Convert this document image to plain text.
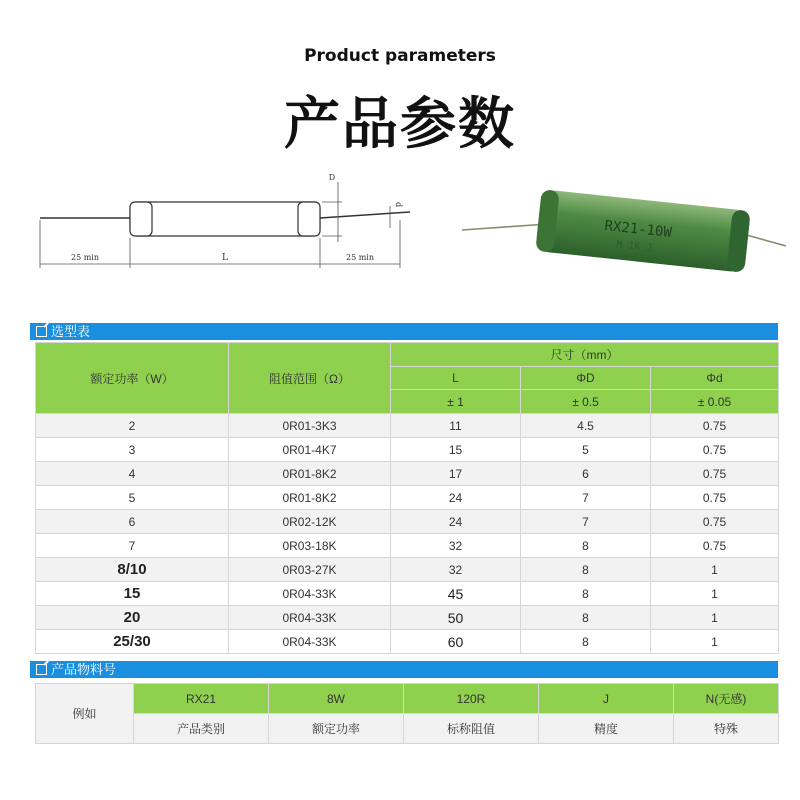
Product parameters
产品参数
25 min	L	25 min
D
d
RX21-10W
M 1K J
选型表
额定功率（W）	阻值范围（Ω）	尺寸（mm）		
		L	ΦD	Φd
		± 1	± 0.5	± 0.05
2	0R01-3K3	11	4.5	0.75
3	0R01-4K7	15	5	0.75
4	0R01-8K2	17	6	0.75
5	0R01-8K2	24	7	0.75
6	0R02-12K	24	7	0.75
7	0R03-18K	32	8	0.75
8/10	0R03-27K	32	8	1
15	0R04-33K	45	8	1
20	0R04-33K	50	8	1
25/30	0R04-33K	60	8	1
产品物料号
例如	RX21	8W	120R	J	N(无感)
	产品类别	额定功率	标称阻值	精度	特殊
